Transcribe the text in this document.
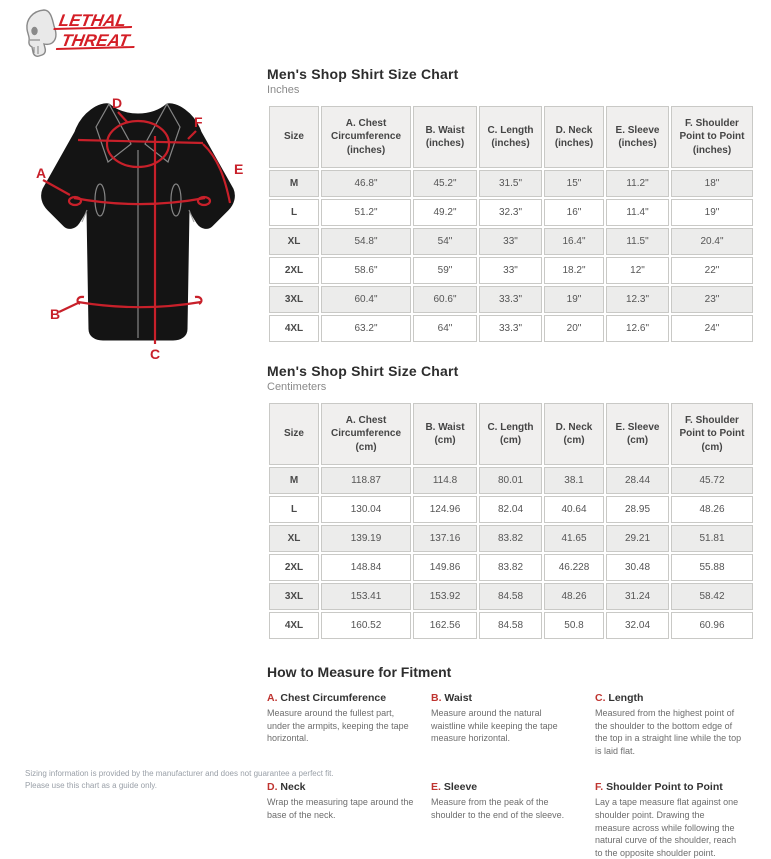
LETHAL
THREAT
A
B
C
D
E
F
Men's Shop Shirt Size Chart
Inches
Size	A. Chest Circumference (inches)	B. Waist (inches)	C. Length (inches)	D. Neck (inches)	E. Sleeve (inches)	F. Shoulder Point to Point (inches)
M	46.8"	45.2"	31.5"	15"	11.2"	18"
L	51.2"	49.2"	32.3"	16"	11.4"	19"
XL	54.8"	54"	33"	16.4"	11.5"	20.4"
2XL	58.6"	59"	33"	18.2"	12"	22"
3XL	60.4"	60.6"	33.3"	19"	12.3"	23"
4XL	63.2"	64"	33.3"	20"	12.6"	24"
Men's Shop Shirt Size Chart
Centimeters
Size	A. Chest Circumference (cm)	B. Waist (cm)	C. Length (cm)	D. Neck (cm)	E. Sleeve (cm)	F. Shoulder Point to Point (cm)
M	118.87	114.8	80.01	38.1	28.44	45.72
L	130.04	124.96	82.04	40.64	28.95	48.26
XL	139.19	137.16	83.82	41.65	29.21	51.81
2XL	148.84	149.86	83.82	46.228	30.48	55.88
3XL	153.41	153.92	84.58	48.26	31.24	58.42
4XL	160.52	162.56	84.58	50.8	32.04	60.96
How to Measure for Fitment
A. Chest Circumference
Measure around the fullest part, under the armpits, keeping the tape horizontal.
B. Waist
Measure around the natural waistline while keeping the tape measure horizontal.
C. Length
Measured from the highest point of the shoulder to the bottom edge of the top in a straight line while the top is laid flat.
D. Neck
Wrap the measuring tape around the base of the neck.
E. Sleeve
Measure from the peak of the shoulder to the end of the sleeve.
F. Shoulder Point to Point
Lay a tape measure flat against one shoulder point. Drawing the measure across while following the natural curve of the shoulder, reach to the opposite shoulder point.

Sizing information is provided by the manufacturer and does not guarantee a perfect fit.

Please use this chart as a guide only.
